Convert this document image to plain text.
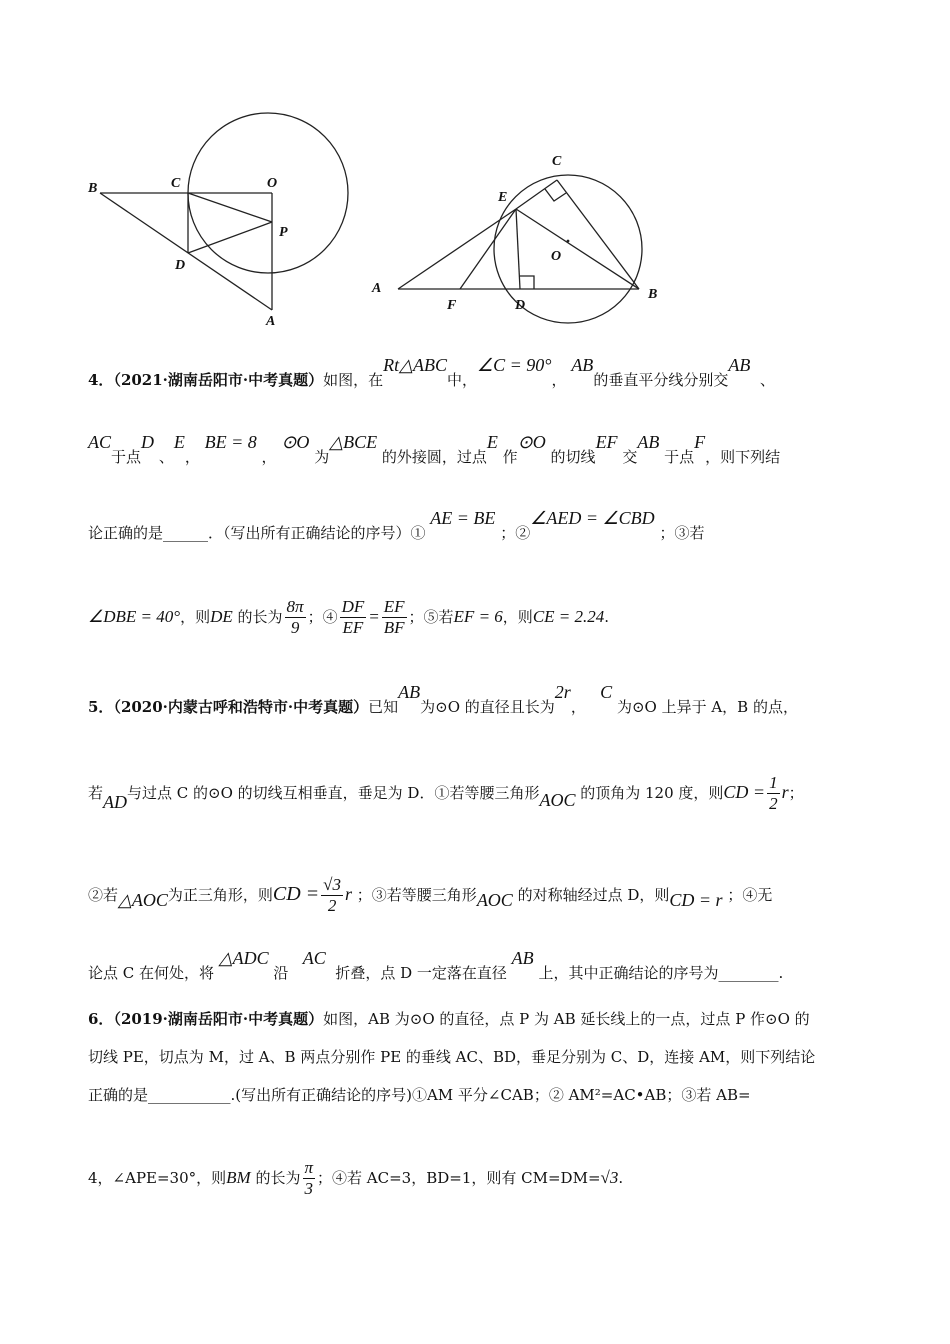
B	C	O
P
D
A
C
E
O
A
F	D
B
4．（2021·湖南岳阳市·中考真题）如图，在Rt△ABC中，∠C = 90°， AB的垂直平分线分别交AB  、
AC于点D 、E， BE = 8 ， ⊙O 为△BCE 的外接圆，过点E 作⊙O 的切线EF 交AB 于点F，则下列结
论正确的是______．（写出所有正确结论的序号）① AE = BE ；②∠AED = ∠CBD ；③若
∠DBE = 40°，则DE 的长为 $\frac{8\pi}{9}$ ；④ $\frac{DF}{EF} = \frac{EF}{BF}$ ；⑤若EF = 6，则CE = 2.24.
5．（2020·内蒙古呼和浩特市·中考真题）已知AB为⊙O 的直径且长为2r，   C 为⊙O 上异于 A，B 的点，
若AD与过点 C 的⊙O 的切线互相垂直，垂足为 D．①若等腰三角形AOC 的顶角为 120 度，则CD = $\frac{1}{2}$ r；
②若△AOC为正三角形，则CD = $\frac{√3}{2}$ r ；③若等腰三角形AOC 的对称轴经过点 D，则CD = r ；④无
论点 C 在何处，将 △ADC 沿   AC  折叠，点 D 一定落在直径 AB 上，其中正确结论的序号为________.
6．（2019·湖南岳阳市·中考真题）如图，AB 为⊙O 的直径，点 P 为 AB 延长线上的一点，过点 P 作⊙O 的
切线 PE，切点为 M，过 A、B 两点分别作 PE 的垂线 AC、BD，垂足分别为 C、D，连接 AM，则下列结论
正确的是___________.(写出所有正确结论的序号)①AM 平分∠CAB；② AM²=AC•AB；③若 AB=
4，∠APE=30°，则BM 的长为 $\frac{\pi}{3}$ ；④若 AC=3，BD=1，则有 CM=DM=√3.
